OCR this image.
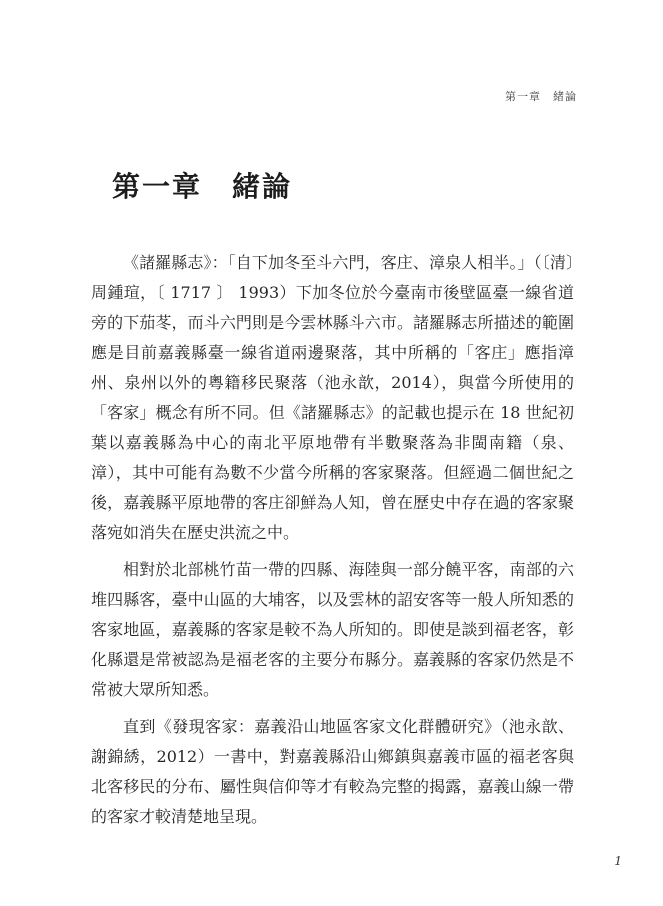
第一章　緒論
第一章　緒論

《諸羅縣志》：「自下加冬至斗六門，客庄、漳泉人相半。」（〔清〕周鍾瑄，〔 1717 〕 1993）下加冬位於今臺南市後壁區臺一線省道旁的下茄苳，而斗六門則是今雲林縣斗六市。諸羅縣志所描述的範圍應是目前嘉義縣臺一線省道兩邊聚落，其中所稱的「客庄」應指漳州、泉州以外的粵籍移民聚落（池永歆，2014），與當今所使用的「客家」概念有所不同。但《諸羅縣志》的記載也提示在 18 世紀初葉以嘉義縣為中心的南北平原地帶有半數聚落為非閩南籍（泉、漳），其中可能有為數不少當今所稱的客家聚落。但經過二個世紀之後，嘉義縣平原地帶的客庄卻鮮為人知，曾在歷史中存在過的客家聚落宛如消失在歷史洪流之中。

相對於北部桃竹苗一帶的四縣、海陸與一部分饒平客，南部的六堆四縣客，臺中山區的大埔客，以及雲林的詔安客等一般人所知悉的客家地區，嘉義縣的客家是較不為人所知的。即使是談到福老客，彰化縣還是常被認為是福老客的主要分布縣分。嘉義縣的客家仍然是不常被大眾所知悉。

直到《發現客家：嘉義沿山地區客家文化群體研究》（池永歆、謝錦綉，2012）一書中，對嘉義縣沿山鄉鎮與嘉義市區的福老客與北客移民的分布、屬性與信仰等才有較為完整的揭露，嘉義山線一帶的客家才較清楚地呈現。

1
